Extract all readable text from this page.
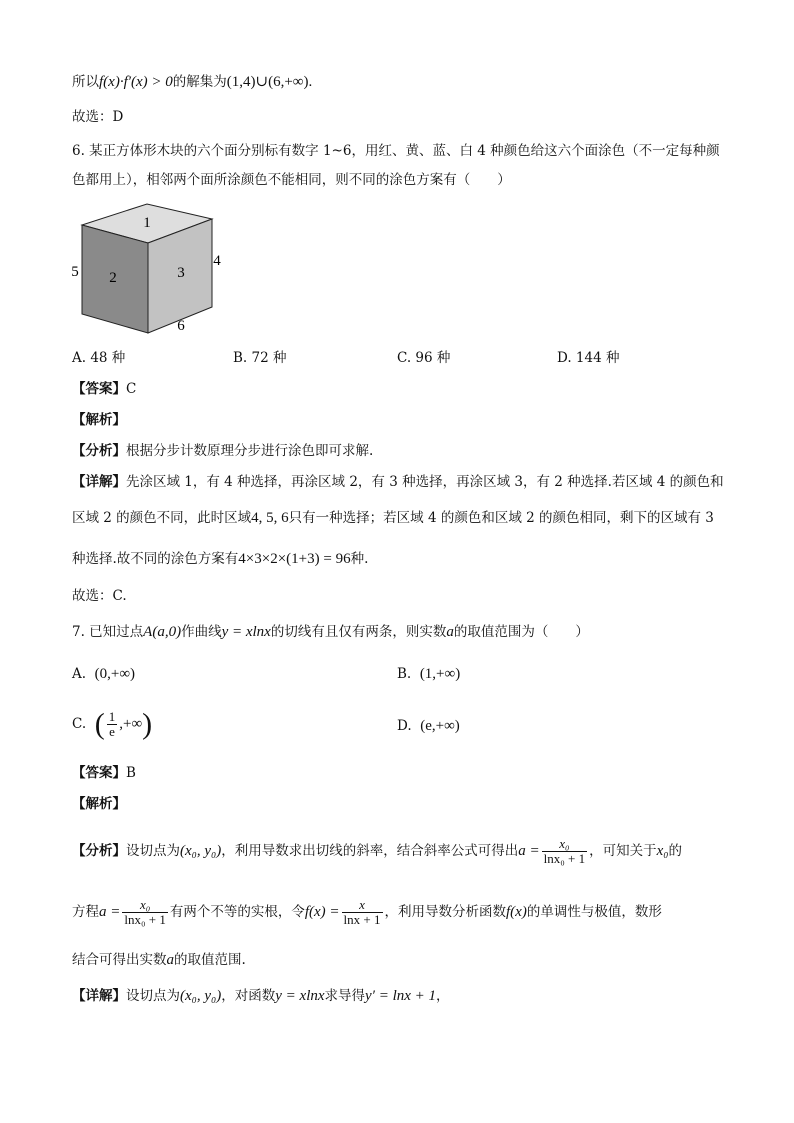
所以f(x)·f′(x) > 0的解集为(1,4)∪(6,+∞).
故选：D
6. 某正方体形木块的六个面分别标有数字 1~6，用红、黄、蓝、白 4 种颜色给这六个面涂色（不一定每种颜
色都用上），相邻两个面所涂颜色不能相同，则不同的涂色方案有（　　）
1
2	3
4
5
6
A. 48 种	B. 72 种	C. 96 种	D. 144 种
【答案】C
【解析】
【分析】根据分步计数原理分步进行涂色即可求解.
【详解】先涂区域 1，有 4 种选择，再涂区域 2，有 3 种选择，再涂区域 3，有 2 种选择.若区域 4 的颜色和
区域 2 的颜色不同，此时区域4, 5, 6只有一种选择；若区域 4 的颜色和区域 2 的颜色相同，剩下的区域有 3
种选择.故不同的涂色方案有4×3×2×(1+3) = 96种.
故选：C.
7. 已知过点A(a,0)作曲线y = xlnx的切线有且仅有两条，则实数a的取值范围为（　　）
A. (0,+∞)	B. (1,+∞)
C. ( $\frac{1}{e}$ ,+∞)	D. (e,+∞)
【答案】B
【解析】
【分析】设切点为(x₀, y₀)，利用导数求出切线的斜率，结合斜率公式可得出$a = \frac{\text{x₀}}{\text{lnx₀ + 1}}$ ，可知关于x₀的
方程$a = \frac{\text{x₀}}{\text{lnx₀ + 1}}$ 有两个不等的实根，令$f(x) = \frac{x}{\ln x + 1}$ ，利用导数分析函数f(x)的单调性与极值，数形
结合可得出实数a的取值范围.
【详解】设切点为(x₀, y₀)，对函数y = xlnx求导得y′ = lnx + 1，
